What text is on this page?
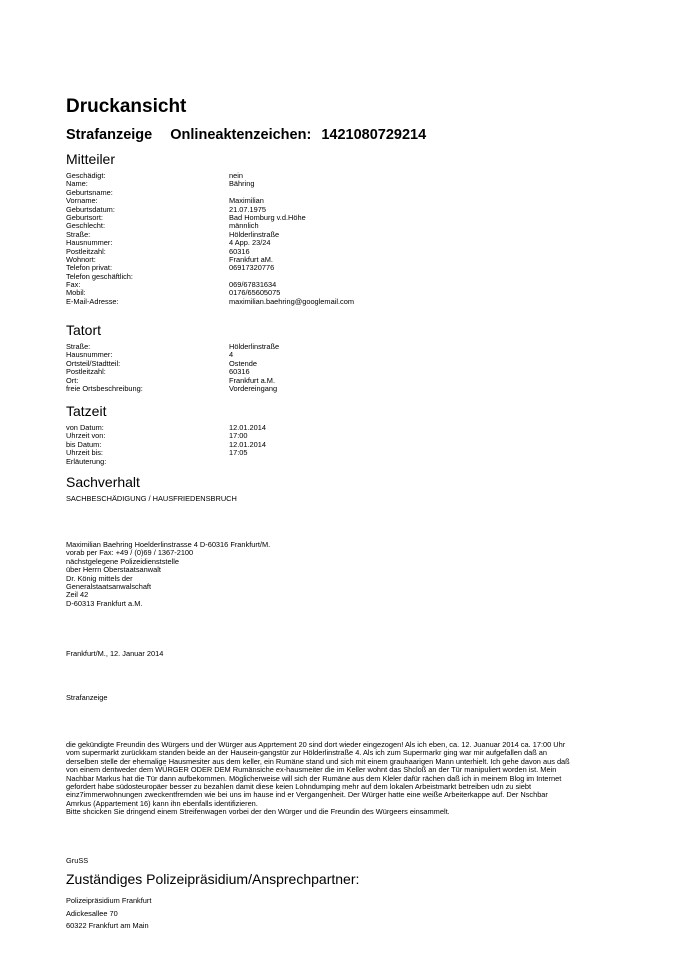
Druckansicht
Strafanzeige Onlineaktenzeichen: 1421080729214
Mitteiler
Geschädigt:	nein
Name:	Bähring
Geburtsname:
Vorname:	Maximilian
Geburtsdatum:	21.07.1975
Geburtsort:	Bad Homburg v.d.Höhe
Geschlecht:	männlich
Straße:	Hölderlinstraße
Hausnummer:	4 App. 23/24
Postleitzahl:	60316
Wohnort:	Frankfurt aM.
Telefon privat:	06917320776
Telefon geschäftlich:
Fax:	069/67831634
Mobil:	0176/65605075
E-Mail-Adresse:	maximilian.baehring@googlemail.com
Tatort
Straße:	Hölderlinstraße
Hausnummer:	4
Ortsteil/Stadtteil:	Ostende
Postleitzahl:	60316
Ort:	Frankfurt a.M.
freie Ortsbeschreibung:	Vordereingang
Tatzeit
von Datum:	12.01.2014
Uhrzeit von:	17:00
bis Datum:	12.01.2014
Uhrzeit bis:	17:05
Erläuterung:
Sachverhalt
SACHBESCHÄDIGUNG / HAUSFRIEDENSBRUCH
Maximilian Baehring Hoelderlinstrasse 4 D-60316 Frankfurt/M.
vorab per Fax: +49 / (0)69 / 1367-2100
nächstgelegene Polizeidienststelle
über Herrn Oberstaatsanwalt
Dr. König mittels der
Generalstaatsanwalschaft
Zeil 42
D-60313 Frankfurt a.M.
Frankfurt/M., 12. Januar 2014
Strafanzeige
die gekündigte Freundin des Würgers und der Würger aus Apprtement 20 sind dort wieder eingezogen! Als ich eben, ca. 12. Juanuar 2014 ca. 17:00 Uhr
vom supermarkt zurückkam standen beide an der Hausein-gangstür zur Hölderlinstraße 4. Als ich zum Supermarkr ging war mir aufgefallen daß an
derselben stelle der ehemalige Hausmesiter aus dem keller, ein Rumäne stand und sich mit einem grauhaarigen Mann unterhielt. Ich gehe davon aus daß
von einem dentweder dem WÜRGER ODER DEM Rumänsiche ex-hausmeiter die im Keller wohnt das Shcloß an der Tür manipuliert worden ist. Mein
Nachbar Markus hat die Tür dann aufbekommen. Möglicherweise will sich der Rumäne aus dem Kleler dafür rächen daß ich in meinem Blog im Internet
gefordert habe südosteuropäer besser zu bezahlen damit diese keien Lohndumping mehr auf dem lokalen Arbeistmarkt betreiben udn zu siebt
einz7immerwohnungen zweckentfremden wie bei uns im hause ind er Vergangenheit. Der Würger hatte eine weiße Arbeiterkappe auf. Der Nschbar
Amrkus (Appartement 16) kann ihn ebenfalls identifizieren.
Bitte shcicken Sie dringend einem Streifenwagen vorbei der den Würger und die Freundin des Würgeers einsammelt.
GruSS
Zuständiges Polizeipräsidium/Ansprechpartner:
Polizeipräsidium Frankfurt
Adickesallee 70
60322 Frankfurt am Main
